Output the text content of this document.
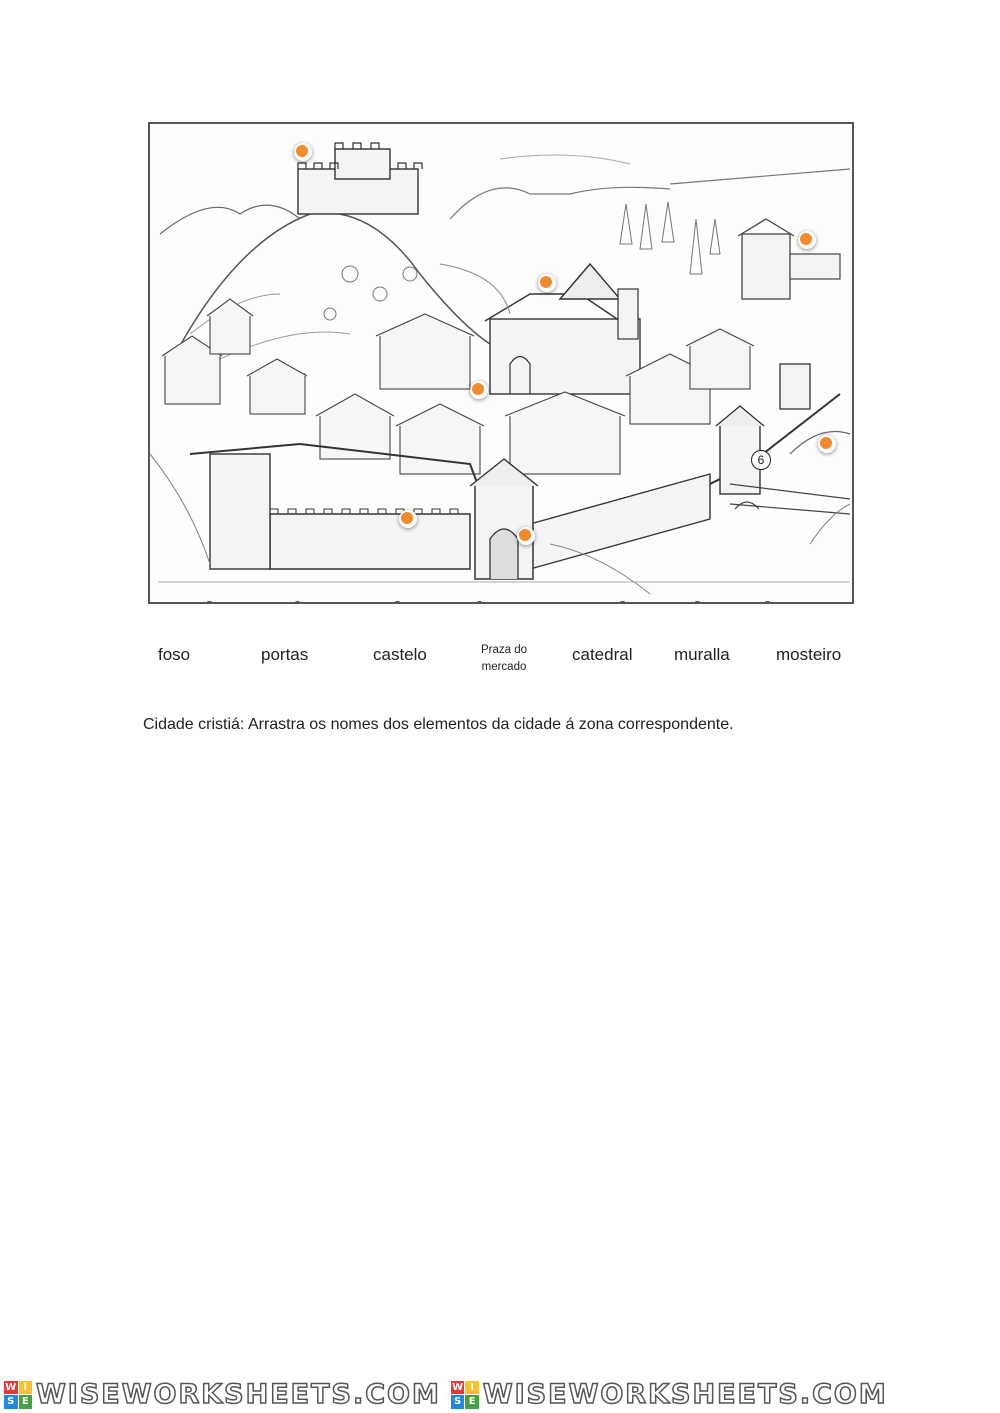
6
foso	portas	castelo	Praza do mercado
catedral muralla	mosteiro
Cidade cristiá: Arrastra os nomes dos elementos da cidade á zona correspondente.
W I
S E WISEWORKSHEETS.COM W I
S E WISEWORKSHEETS.COM
